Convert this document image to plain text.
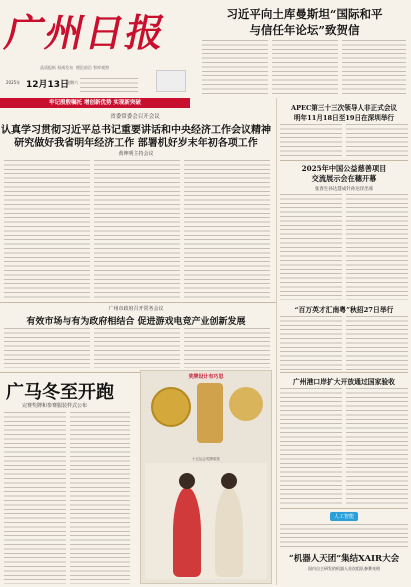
广州日报
品质报纸 权威发布 理论前沿 智库观察
2025年 12月13日
星期六
习近平向土库曼斯坦“国际和平
与信任年论坛”致贺信
牢记殷殷嘱托 增创新优势 实现新突破
省委常委会召开会议
认真学习贯彻习近平总书记重要讲话和中央经济工作会议精神
研究做好我省明年经济工作 部署机好岁末年初各项工作
黄坤明主持会议
APEC第三十三次领导人非正式会议
明年11月18日至19日在深圳举行
2025年中国公益慈善项目
交流展示会在穗开幕
张春生孙达慧成针孙达洋出席
广州市政府召开常务会议
有效市场与有为政府相结合 促进游戏电竞产业创新发展
“百万英才汇南粤”秋招27日举行
广马冬至开跑
完赛奖牌和参赛服装样式公布
奖牌设计有巧思
十五运会奖牌颁发
广州港口岸扩大开放通过国家验收
人工智能
“机器人天团”集结XAIR大会
国内自主研发的机器人首次组队参赛亮相
